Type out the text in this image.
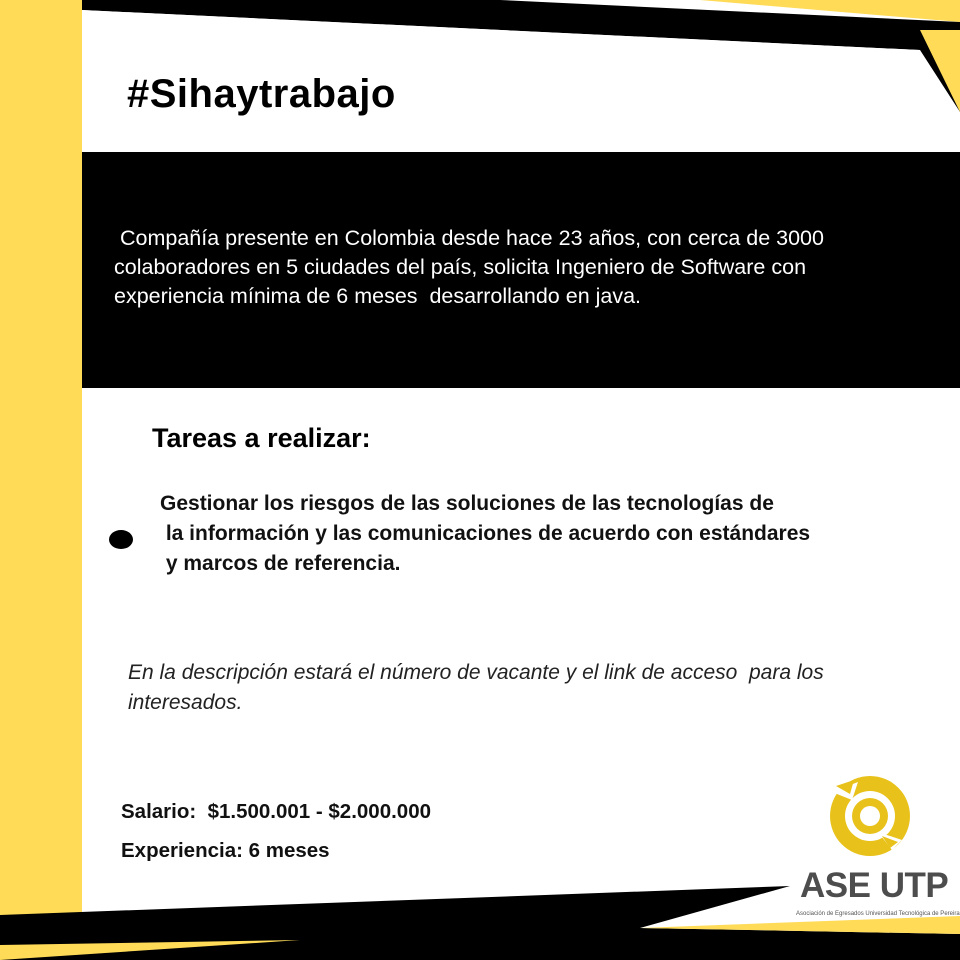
#Sihaytrabajo
Compañía presente en Colombia desde hace 23 años, con cerca de 3000
colaboradores en 5 ciudades del país, solicita Ingeniero de Software con
experiencia mínima de 6 meses  desarrollando en java.
Tareas a realizar:
Gestionar los riesgos de las soluciones de las tecnologías de
la información y las comunicaciones de acuerdo con estándares
y marcos de referencia.
En la descripción estará el número de vacante y el link de acceso  para los
interesados.
Salario:  $1.500.001 - $2.000.000
Experiencia: 6 meses
ASE UTP
Asociación de Egresados Universidad Tecnológica de Pereira
